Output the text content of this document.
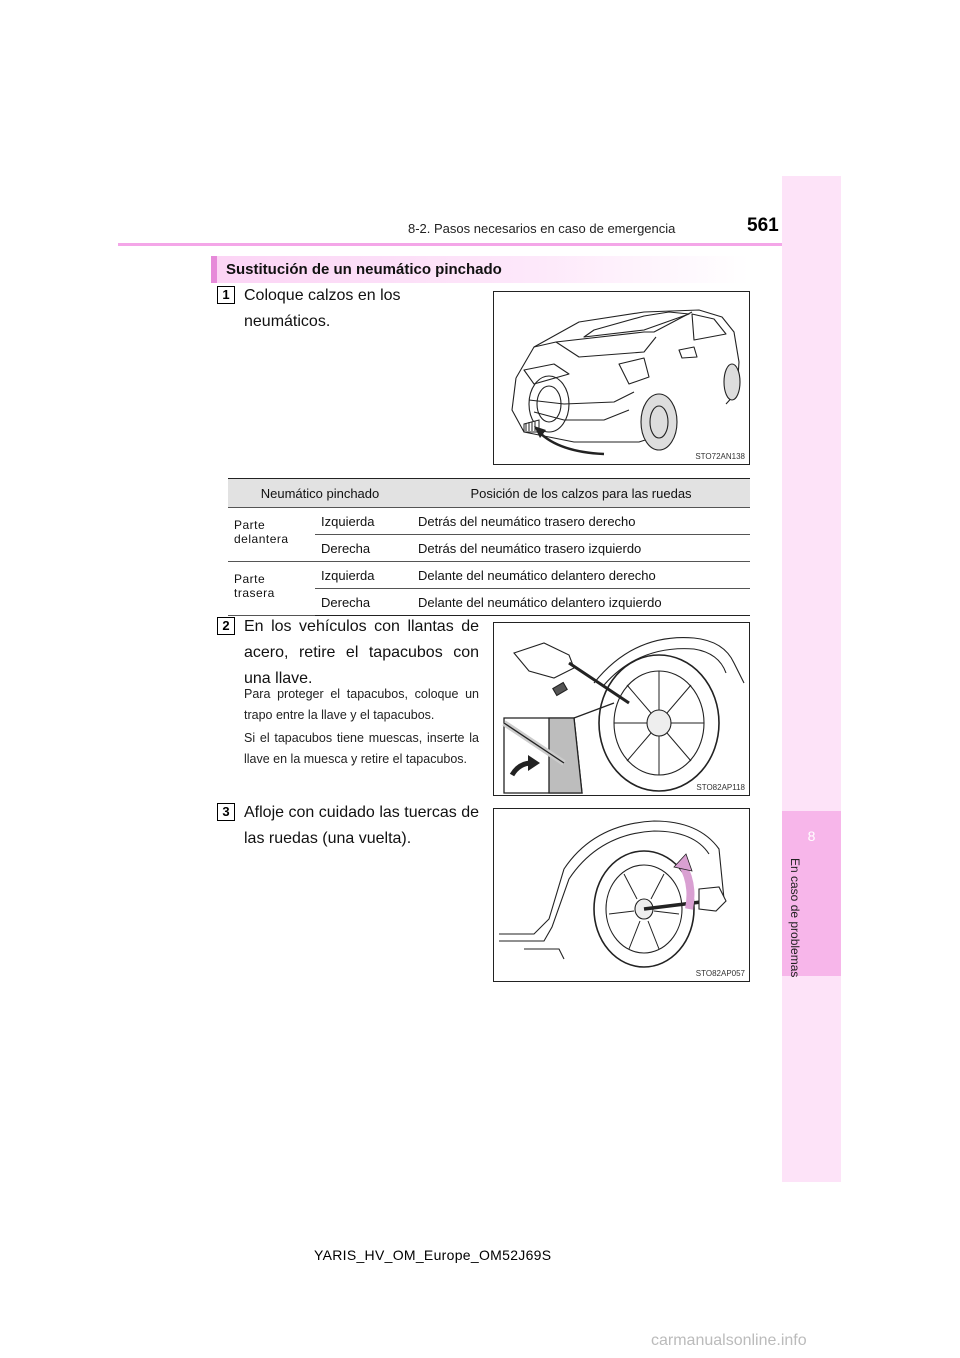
8-2. Pasos necesarios en caso de emergencia	561
8
En caso de problemas
Sustitución de un neumático pinchado
1 Coloque calzos en los neumáticos.
STO72AN138
Neumático pinchado		Posición de los calzos para las ruedas
Parte delantera	Izquierda	Detrás del neumático trasero derecho
	Derecha	Detrás del neumático trasero izquierdo
Parte trasera	Izquierda	Delante del neumático delantero derecho
	Derecha	Delante del neumático delantero izquierdo
2 En los vehículos con llantas de acero, retire el tapacubos con una llave.
Para proteger el tapacubos, coloque un trapo entre la llave y el tapacubos.
Si el tapacubos tiene muescas, inserte la llave en la muesca y retire el tapacubos.
STO82AP118
3 Afloje con cuidado las tuercas de las ruedas (una vuelta).
STO82AP057
YARIS_HV_OM_Europe_OM52J69S
carmanualsonline.info
